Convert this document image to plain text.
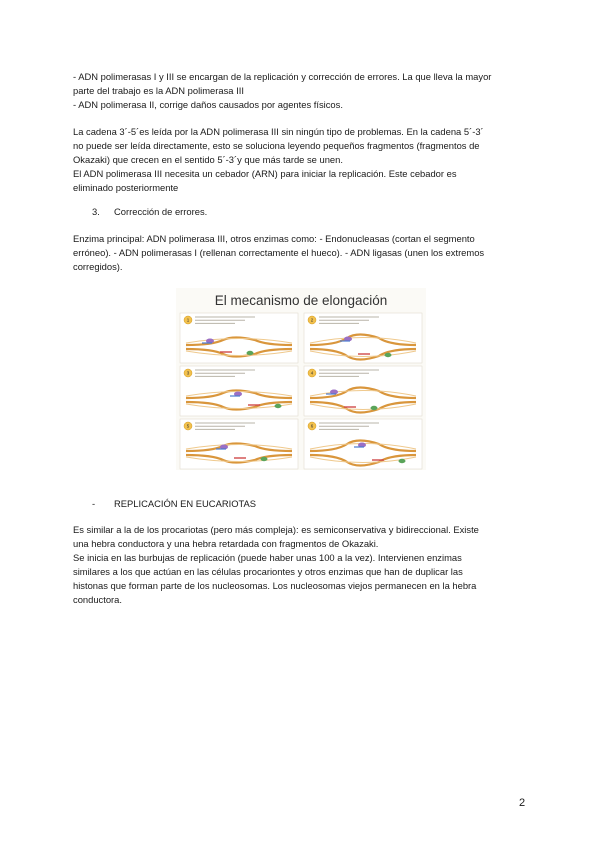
- ADN polimerasas I y III se encargan de la replicación y corrección de errores. La que lleva la mayor

parte del trabajo es la ADN polimerasa III

- ADN polimerasa II, corrige daños causados por agentes físicos.

La cadena 3´-5´es leída por la ADN polimerasa III sin ningún tipo de problemas. En la cadena 5´-3´

no puede ser leída directamente, esto se soluciona leyendo pequeños fragmentos (fragmentos de

Okazaki) que crecen en el sentido 5´-3´y que más tarde se unen.

El ADN polimerasa III necesita un cebador (ARN) para iniciar la replicación. Este cebador es

eliminado posteriormente

3. Corrección de errores.

Enzima principal: ADN polimerasa III, otros enzimas como: - Endonucleasas (cortan el segmento

erróneo). - ADN polimerasas I (rellenan correctamente el hueco). - ADN ligasas (unen los extremos

corregidos).

El mecanismo de elongación
1	2
3	4
5	6
- REPLICACIÓN EN EUCARIOTAS

Es similar a la de los procariotas (pero más compleja): es semiconservativa y bidireccional. Existe

una hebra conductora y una hebra retardada con fragmentos de Okazaki.

Se inicia en las burbujas de replicación (puede haber unas 100 a la vez). Intervienen enzimas

similares a los que actúan en las células procariontes y otros enzimas que han de duplicar las

histonas que forman parte de los nucleosomas. Los nucleosomas viejos permanecen en la hebra

conductora.

2
